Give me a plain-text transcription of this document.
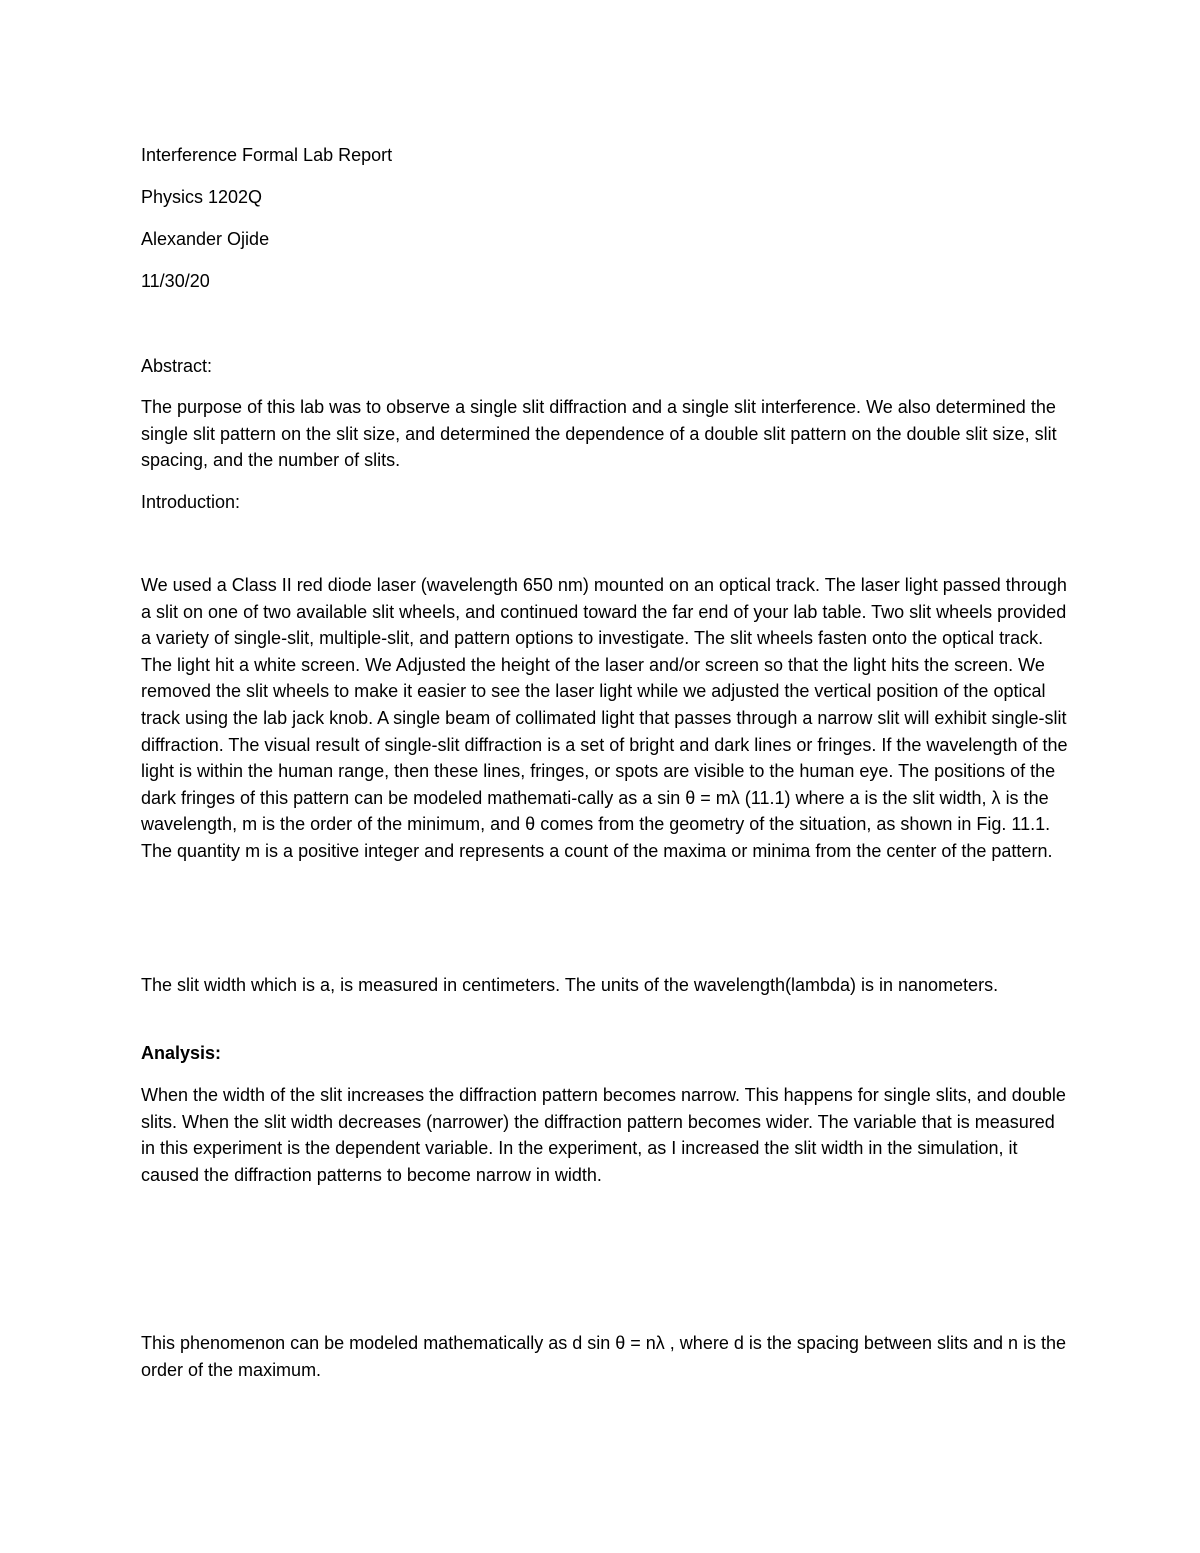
Interference Formal Lab Report
Physics 1202Q
Alexander Ojide
11/30/20
Abstract:
The purpose of this lab was to observe a single slit diffraction and a single slit interference. We also determined the single slit pattern on the slit size, and determined the dependence of a double slit pattern on the double slit size, slit spacing, and the number of slits.
Introduction:
We used a Class II red diode laser (wavelength 650 nm) mounted on an optical track. The laser light passed through a slit on one of two available slit wheels, and continued toward the far end of your lab table. Two slit wheels provided a variety of single-slit, multiple-slit, and pattern options to investigate. The slit wheels fasten onto the optical track. The light hit a white screen. We Adjusted the height of the laser and/or screen so that the light hits the screen. We removed the slit wheels to make it easier to see the laser light while we adjusted the vertical position of the optical track using the lab jack knob. A single beam of collimated light that passes through a narrow slit will exhibit single-slit diffraction. The visual result of single-slit diffraction is a set of bright and dark lines or fringes. If the wavelength of the light is within the human range, then these lines, fringes, or spots are visible to the human eye. The positions of the dark fringes of this pattern can be modeled mathemati-cally as a sin θ = mλ (11.1) where a is the slit width, λ is the wavelength, m is the order of the minimum, and θ comes from the geometry of the situation, as shown in Fig. 11.1. The quantity m is a positive integer and represents a count of the maxima or minima from the center of the pattern.
The slit width which is a, is measured in centimeters. The units of the wavelength(lambda) is in nanometers.
Analysis:
When the width of the slit increases the diffraction pattern becomes narrow. This happens for single slits, and double slits. When the slit width decreases (narrower) the diffraction pattern becomes wider. The variable that is measured in this experiment is the dependent variable. In the experiment, as I increased the slit width in the simulation, it caused the diffraction patterns to become narrow in width.
This phenomenon can be modeled mathematically as d sin θ = nλ , where d is the spacing between slits and n is the order of the maximum.
